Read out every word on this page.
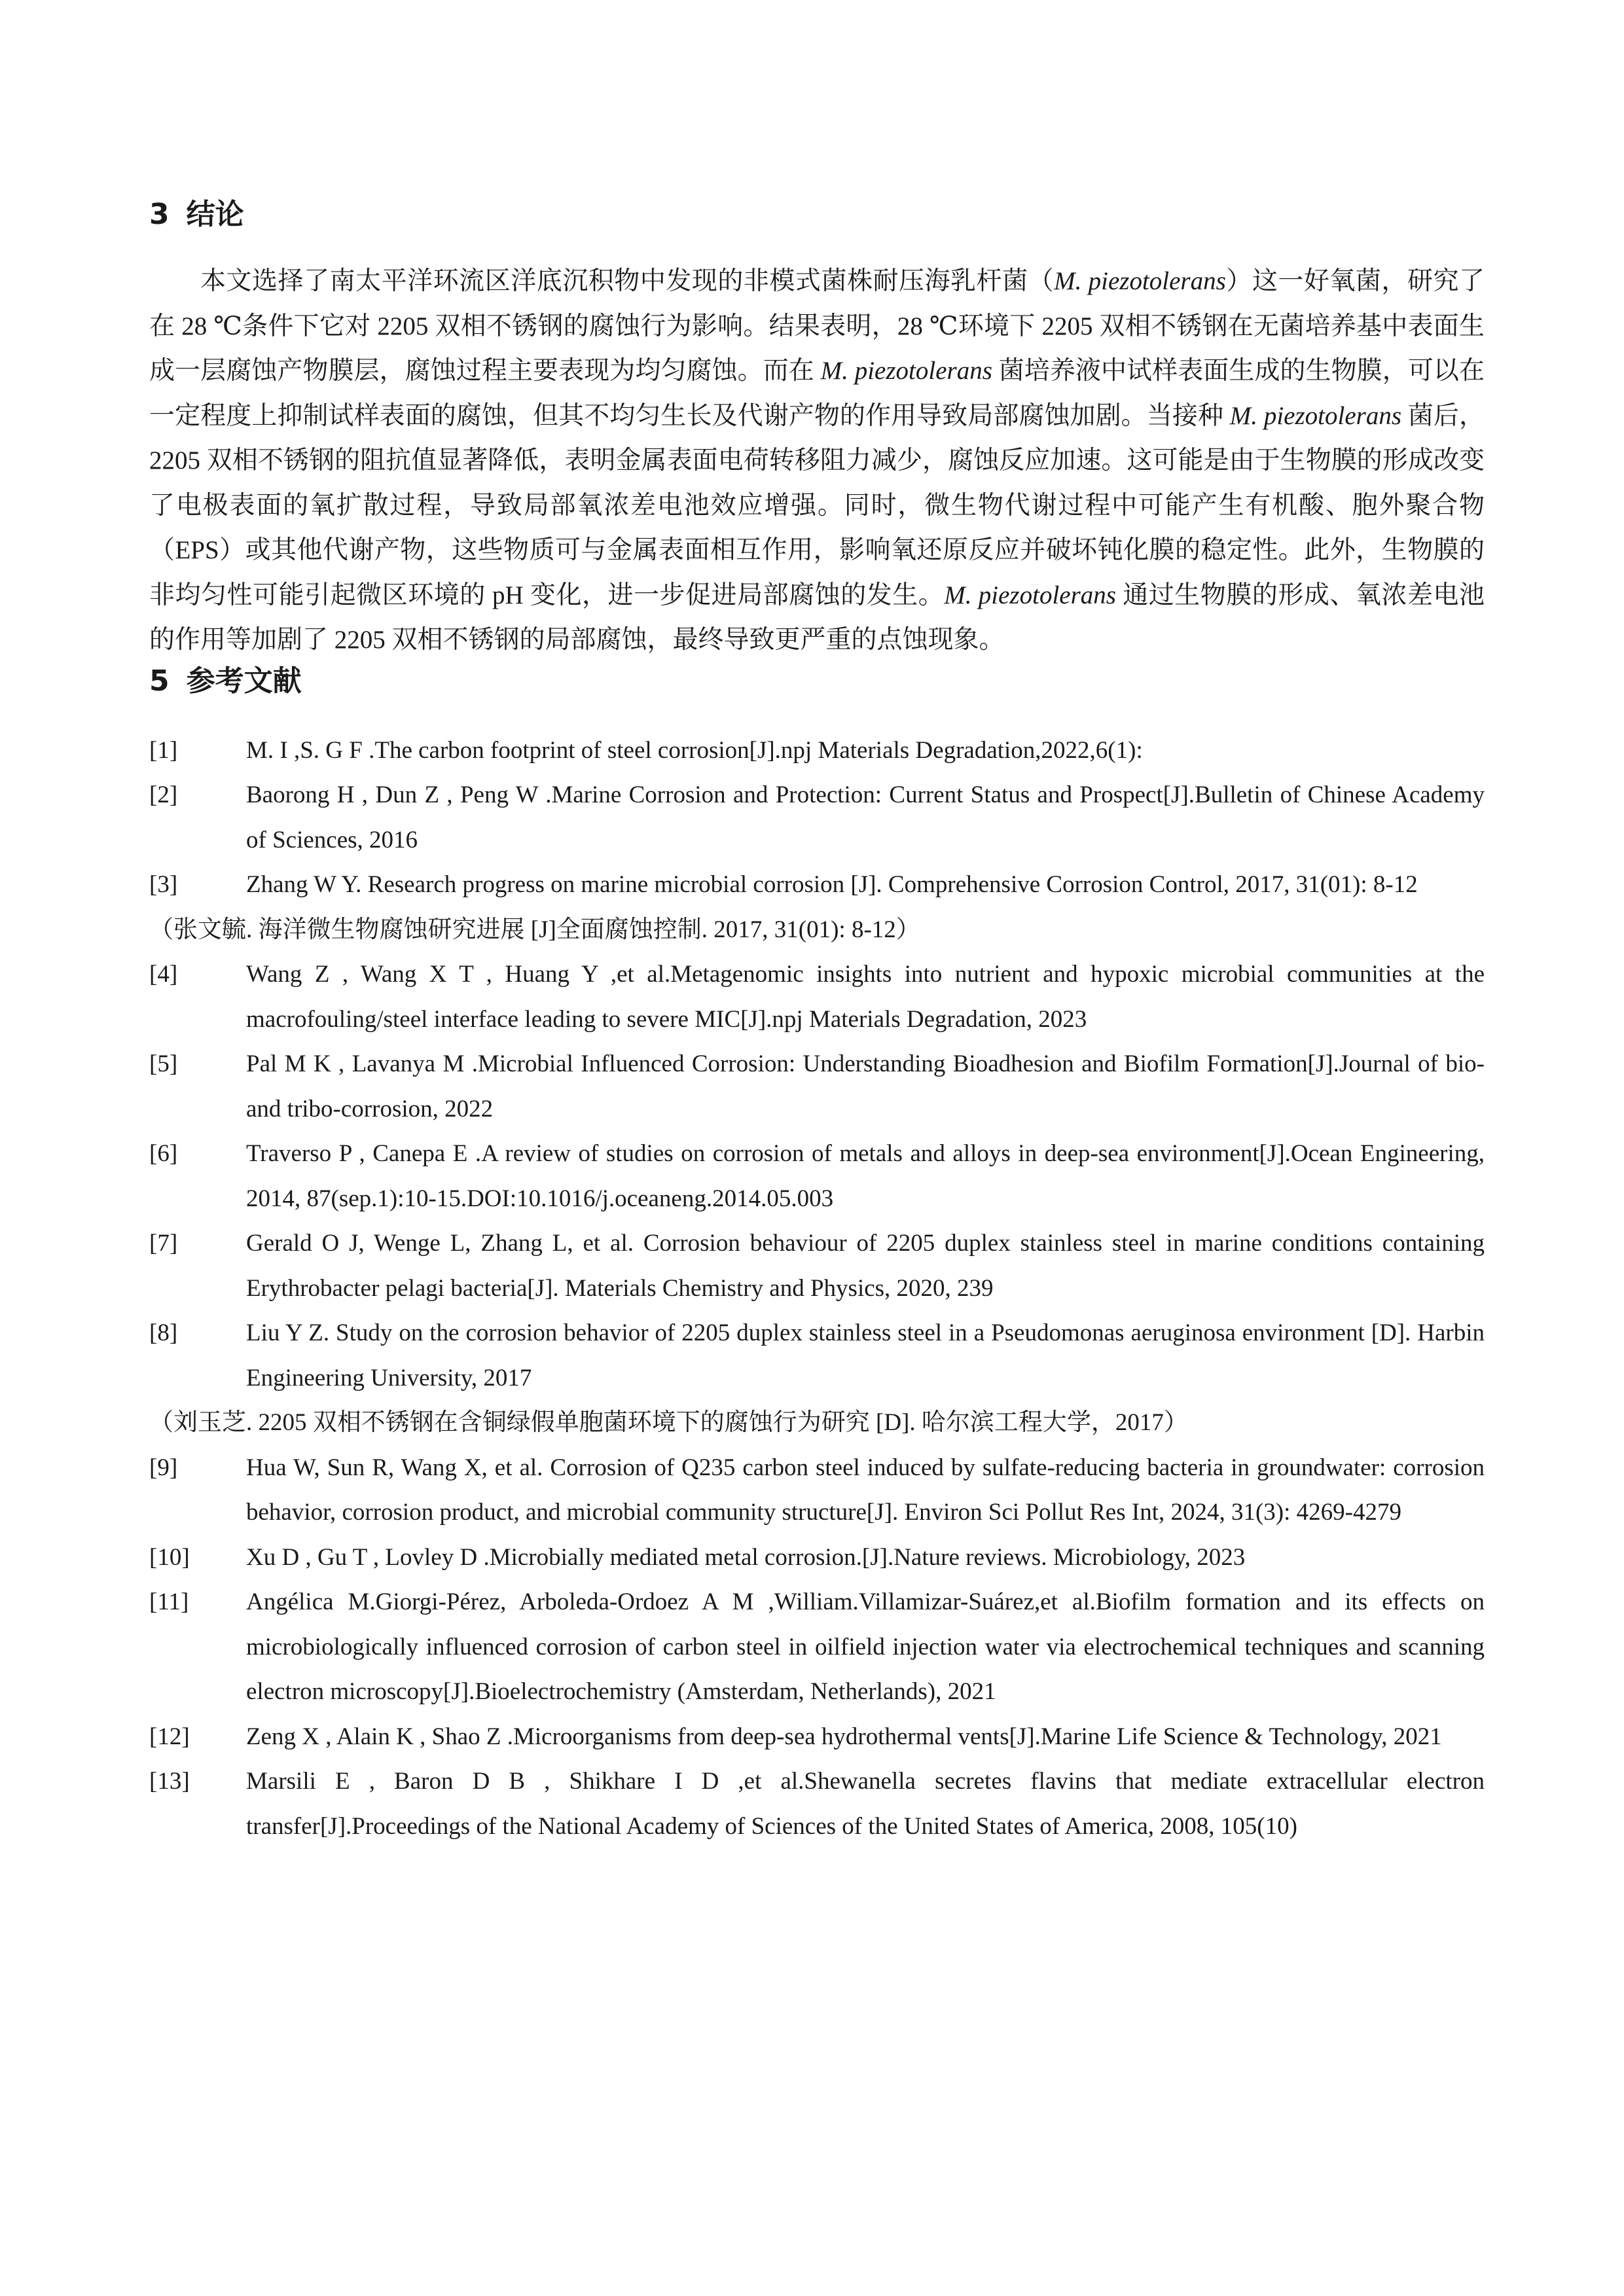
3 结论

本文选择了南太平洋环流区洋底沉积物中发现的非模式菌株耐压海乳杆菌（M. piezotolerans）这一好氧菌，研究了在 28 ℃条件下它对 2205 双相不锈钢的腐蚀行为影响。结果表明，28 ℃环境下 2205 双相不锈钢在无菌培养基中表面生成一层腐蚀产物膜层，腐蚀过程主要表现为均匀腐蚀。而在 M. piezotolerans 菌培养液中试样表面生成的生物膜，可以在一定程度上抑制试样表面的腐蚀，但其不均匀生长及代谢产物的作用导致局部腐蚀加剧。当接种 M. piezotolerans 菌后，2205 双相不锈钢的阻抗值显著降低，表明金属表面电荷转移阻力减少，腐蚀反应加速。这可能是由于生物膜的形成改变了电极表面的氧扩散过程，导致局部氧浓差电池效应增强。同时，微生物代谢过程中可能产生有机酸、胞外聚合物（EPS）或其他代谢产物，这些物质可与金属表面相互作用，影响氧还原反应并破坏钝化膜的稳定性。此外，生物膜的非均匀性可能引起微区环境的 pH 变化，进一步促进局部腐蚀的发生。M. piezotolerans 通过生物膜的形成、氧浓差电池的作用等加剧了 2205 双相不锈钢的局部腐蚀，最终导致更严重的点蚀现象。

5 参考文献
[1]	M. I ,S. G F .The carbon footprint of steel corrosion[J].npj Materials Degradation,2022,6(1):
[2]	Baorong H , Dun Z , Peng W .Marine Corrosion and Protection: Current Status and Prospect[J].Bulletin of Chinese Academy of Sciences, 2016
[3]	Zhang W Y. Research progress on marine microbial corrosion [J]. Comprehensive Corrosion Control, 2017, 31(01): 8-12

（张文毓. 海洋微生物腐蚀研究进展 [J]全面腐蚀控制. 2017, 31(01): 8-12）

[4]	Wang Z , Wang X T , Huang Y ,et al.Metagenomic insights into nutrient and hypoxic microbial communities at the macrofouling/steel interface leading to severe MIC[J].npj Materials Degradation, 2023
[5]	Pal M K , Lavanya M .Microbial Influenced Corrosion: Understanding Bioadhesion and Biofilm Formation[J].Journal of bio- and tribo-corrosion, 2022
[6]	Traverso P , Canepa E .A review of studies on corrosion of metals and alloys in deep-sea environment[J].Ocean Engineering, 2014, 87(sep.1):10-15.DOI:10.1016/j.oceaneng.2014.05.003
[7]	Gerald O J, Wenge L, Zhang L, et al. Corrosion behaviour of 2205 duplex stainless steel in marine conditions containing Erythrobacter pelagi bacteria[J]. Materials Chemistry and Physics, 2020, 239
[8]	Liu Y Z. Study on the corrosion behavior of 2205 duplex stainless steel in a Pseudomonas aeruginosa environment [D]. Harbin Engineering University, 2017

（刘玉芝. 2205 双相不锈钢在含铜绿假单胞菌环境下的腐蚀行为研究 [D]. 哈尔滨工程大学，2017）

[9]	Hua W, Sun R, Wang X, et al. Corrosion of Q235 carbon steel induced by sulfate-reducing bacteria in groundwater: corrosion behavior, corrosion product, and microbial community structure[J]. Environ Sci Pollut Res Int, 2024, 31(3): 4269-4279
[10]	Xu D , Gu T , Lovley D .Microbially mediated metal corrosion.[J].Nature reviews. Microbiology, 2023
[11]	Angélica M.Giorgi-Pérez, Arboleda-Ordoez A M ,William.Villamizar-Suárez,et al.Biofilm formation and its effects on microbiologically influenced corrosion of carbon steel in oilfield injection water via electrochemical techniques and scanning electron microscopy[J].Bioelectrochemistry (Amsterdam, Netherlands), 2021
[12]	Zeng X , Alain K , Shao Z .Microorganisms from deep-sea hydrothermal vents[J].Marine Life Science & Technology, 2021
[13]	Marsili E , Baron D B , Shikhare I D ,et al.Shewanella secretes flavins that mediate extracellular electron transfer[J].Proceedings of the National Academy of Sciences of the United States of America, 2008, 105(10)
